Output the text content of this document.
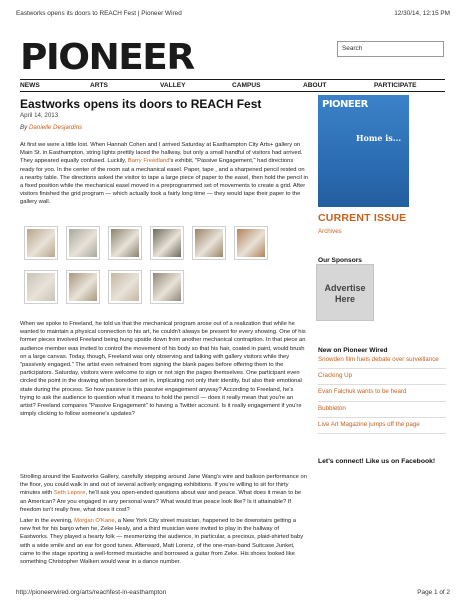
Eastworks opens its doors to REACH Fest | Pioneer Wired	12/30/14, 12:15 PM
PIONEER	Search
NEWS	ARTS	VALLEY	CAMPUS	ABOUT	PARTICIPATE
Eastworks opens its doors to REACH Fest
April 14, 2013
By Danielle Desjardins
At first we were a little lost. When Hannah Cohen and I arrived Saturday at Easthampton City Arts+ gallery on Main St. in Easthampton, string lights prettily laced the hallway, but only a small handful of visitors had arrived. They appeared equally confused. Luckily, Barry Freedland's exhibit, "Passive Engagement," had directions ready for yoo. In the center of the room sat a mechanical easel. Paper, tape , and a sharpened pencil rested on a nearby table. The directions asked the visitor to tape a large piece of paper to the easel, then hold the pencil in a fixed position while the mechanical easel moved in a preprogrammed set of movements to create a grid. After visitors finished the grid program — which actually took a fairly long time — they would tape their paper to the gallery wall.
When we spoke to Freeland, he told us that the mechanical program arose out of a realization that while he wanted to maintain a physical connection to his art, he couldn't always be present for every showing. One of his former pieces involved Freeland being hung upside down from another mechanical contraption. In that piece an audience member was invited to control the movement of his body so that his hair, coated in paint, would brush on a large canvas. Today, though, Freeland was only observing and talking with gallery visitors while they "passively engaged." The artist even refrained from signing the blank pages before offering them to the participators. Saturday, visitors were welcome to sign or not sign the pages themselves. One participant even circled the point in the drawing when boredom set in, implicating not only their identity, but also their emotional state during the process. So how passive is this passive engagement anyway? According to Freeland, he's trying to ask the audience to question what it means to hold the pencil — does it really mean that you're an artist? Freeland compares "Passive Engagement" to having a Twitter account. Is it really engagement if you're simply clicking to follow someone's updates?
Strolling around the Eastworks Gallery, carefully stepping around Jane Wang's wire and balloon performance on the floor, you could walk in and out of several actively engaging exhibitions. If you're willing to sit for thirty minutes with Seth Lepore, he'll ask you open-ended questions about war and peace. What does it mean to be an American? Are you engaged in any personal wars? What would true peace look like? Is it attainable? If freedom isn't really free, what does it cost?
Later in the evening, Morgan O'Kane, a New York City street musician, happened to be downstairs getting a new fret for his banjo when he, Zeke Healy, and a third musician were invited to play in the hallway of Eastworks. They played a hearty folk — mesmerizing the audience, in particular, a precious, plaid-shirted baby with a wide smile and an ear for good tunes. Afterward, Matt Lorenz, of the one-man-band Suitcase Junket, came to the stage sporting a well-formed mustache and borrowed a guitar from Zeke. His shoes looked like something Christopher Walken would wear in a dance number.
PIONEER
Home is...
CURRENT ISSUE
Archives
Our Sponsors
Advertise
Here
New on Pioneer Wired
Snowden film fuels debate over surveillance
Cracking Up
Evan Falchuk wants to be heard
Bubbleton
Live Art Magazine jumps off the page
Let's connect! Like us on Facebook!
http://pioneerwired.org/arts/reachfest-in-easthampton	Page 1 of 2
